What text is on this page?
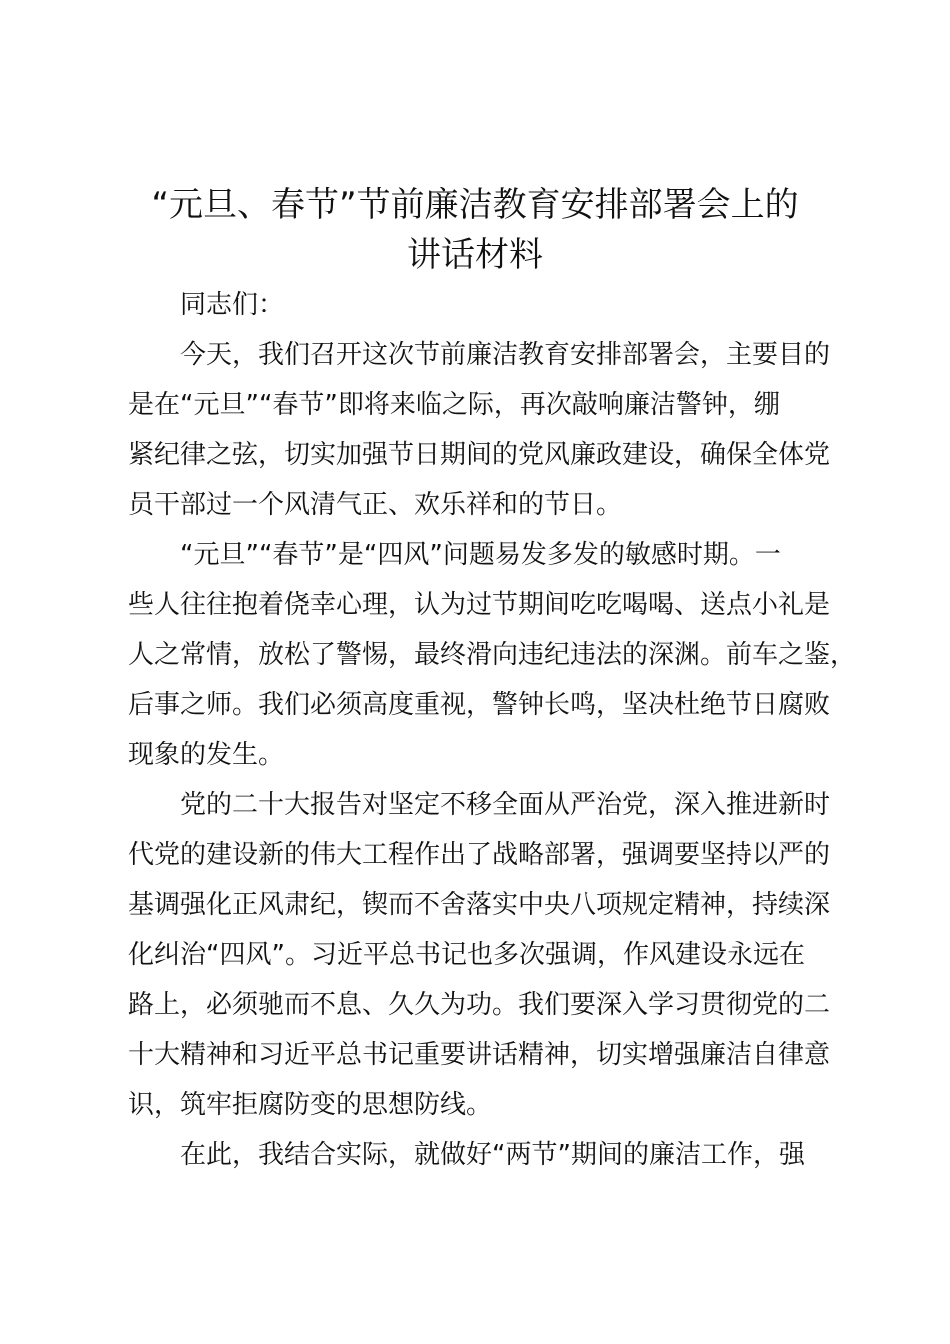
“元旦、春节”节前廉洁教育安排部署会上的
讲话材料

同志们：

今天，我们召开这次节前廉洁教育安排部署会，主要目的

是在“元旦”“春节”即将来临之际，再次敲响廉洁警钟，绷

紧纪律之弦，切实加强节日期间的党风廉政建设，确保全体党

员干部过一个风清气正、欢乐祥和的节日。

“元旦”“春节”是“四风”问题易发多发的敏感时期。一

些人往往抱着侥幸心理，认为过节期间吃吃喝喝、送点小礼是

人之常情，放松了警惕，最终滑向违纪违法的深渊。前车之鉴，

后事之师。我们必须高度重视，警钟长鸣，坚决杜绝节日腐败

现象的发生。

党的二十大报告对坚定不移全面从严治党，深入推进新时

代党的建设新的伟大工程作出了战略部署，强调要坚持以严的

基调强化正风肃纪，锲而不舍落实中央八项规定精神，持续深

化纠治“四风”。习近平总书记也多次强调，作风建设永远在

路上，必须驰而不息、久久为功。我们要深入学习贯彻党的二

十大精神和习近平总书记重要讲话精神，切实增强廉洁自律意

识，筑牢拒腐防变的思想防线。

在此，我结合实际，就做好“两节”期间的廉洁工作，强
